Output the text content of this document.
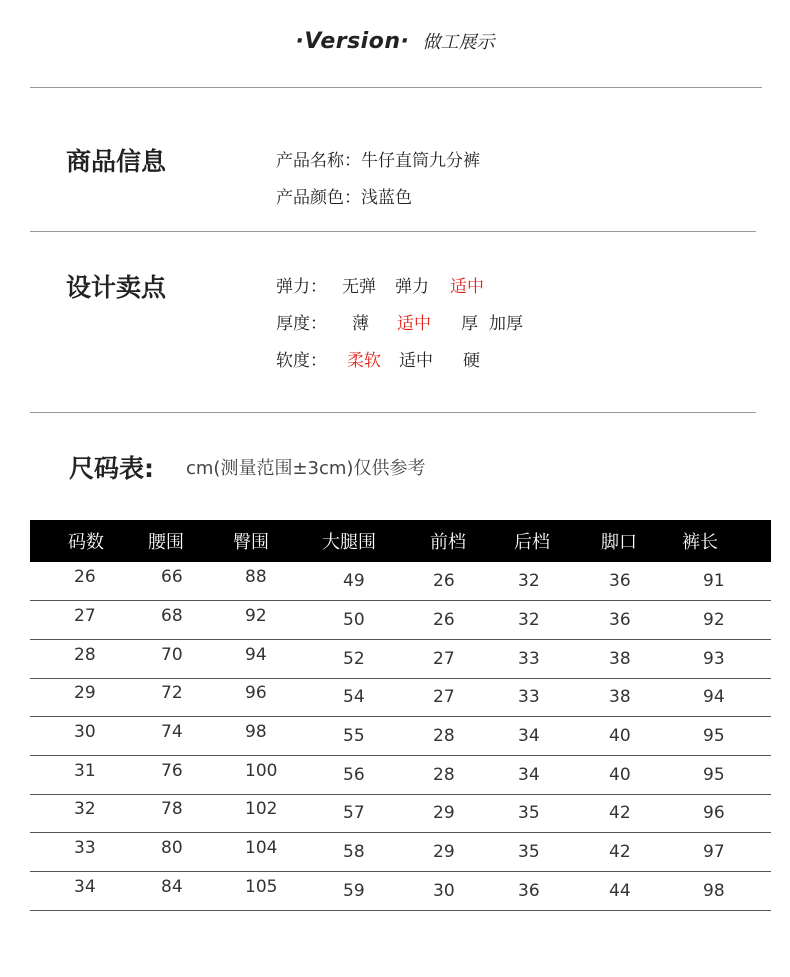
·Version· 做工展示
商品信息	产品名称：牛仔直筒九分裤
产品颜色：浅蓝色
设计卖点	弹力： 无弹 弹力 适中
厚度： 薄 适中 厚 加厚
软度： 柔软 适中 硬
尺码表: cm(测量范围±3cm)仅供参考
码数	腰围	臀围	大腿围	前档	后档	脚口	裤长
26	66	88	49	26	32	36	91
27	68	92	50	26	32	36	92
28	70	94	52	27	33	38	93
29	72	96	54	27	33	38	94
30	74	98	55	28	34	40	95
31	76	100	56	28	34	40	95
32	78	102	57	29	35	42	96
33	80	104	58	29	35	42	97
34	84	105	59	30	36	44	98
